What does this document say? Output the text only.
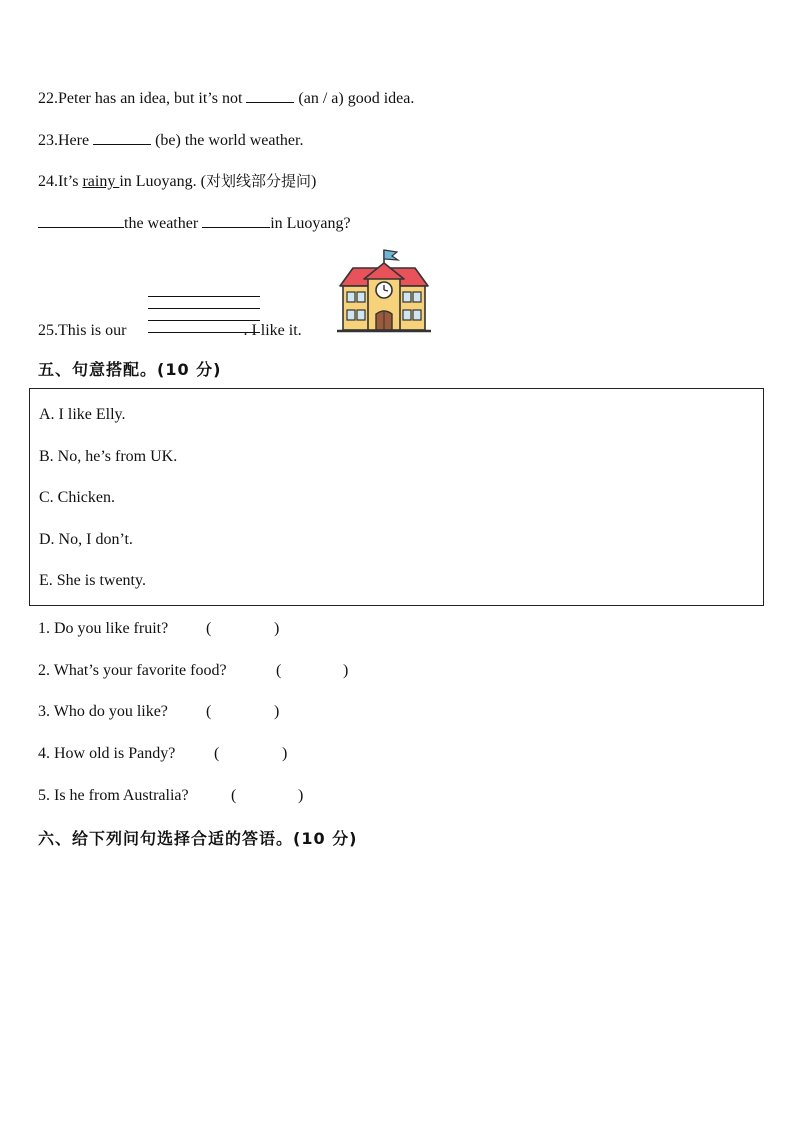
22.Peter has an idea, but it’s not	(an / a) good idea.
23.Here	(be) the world weather.
24.It’s rainy in Luoyang. (对划线部分提问)
the weather	in Luoyang?
25.This is our	. I like it.
五、句意搭配。(10 分)
A. I like Elly.
B. No, he’s from UK.
C. Chicken.
D. No, I don’t.
E. She is twenty.
1. Do you like fruit? (	)
2. What’s your favorite food?	(	)
3. Who do you like? (	)
4. How old is Pandy? (	)
5. Is he from Australia?	(	)
六、给下列问句选择合适的答语。(10 分)
